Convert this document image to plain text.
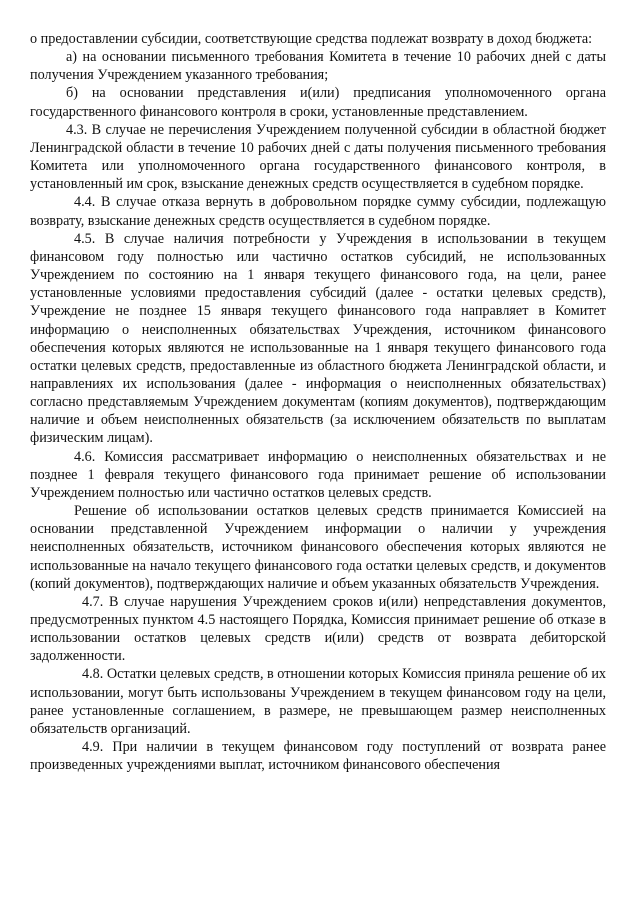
о предоставлении субсидии, соответствующие средства подлежат возврату в доход бюджета:

а) на основании письменного требования Комитета в течение 10 рабочих дней с даты получения Учреждением указанного требования;

б) на основании представления и(или) предписания уполномоченного органа государственного финансового контроля в сроки, установленные представлением.

4.3. В случае не перечисления Учреждением полученной субсидии в областной бюджет Ленинградской области в течение 10 рабочих дней с даты получения письменного требования Комитета или уполномоченного органа государственного финансового контроля, в установленный им срок, взыскание денежных средств осуществляется в судебном порядке.

4.4. В случае отказа вернуть в добровольном порядке сумму субсидии, подлежащую возврату, взыскание денежных средств осуществляется в судебном порядке.

4.5. В случае наличия потребности у Учреждения в использовании в текущем финансовом году полностью или частично остатков субсидий, не использованных Учреждением по состоянию на 1 января текущего финансового года, на цели, ранее установленные условиями предоставления субсидий (далее - остатки целевых средств), Учреждение не позднее 15 января текущего финансового года направляет в Комитет информацию о неисполненных обязательствах Учреждения, источником финансового обеспечения которых являются не использованные на 1 января текущего финансового года остатки целевых средств, предоставленные из областного бюджета Ленинградской области, и направлениях их использования (далее - информация о неисполненных обязательствах) согласно представляемым Учреждением документам (копиям документов), подтверждающим наличие и объем неисполненных обязательств (за исключением обязательств по выплатам физическим лицам).

4.6. Комиссия рассматривает информацию о неисполненных обязательствах и не позднее 1 февраля текущего финансового года принимает решение об использовании Учреждением полностью или частично остатков целевых средств.

Решение об использовании остатков целевых средств принимается Комиссией на основании представленной Учреждением информации о наличии у учреждения неисполненных обязательств, источником финансового обеспечения которых являются не использованные на начало текущего финансового года остатки целевых средств, и документов (копий документов), подтверждающих наличие и объем указанных обязательств Учреждения.

4.7. В случае нарушения Учреждением сроков и(или) непредставления документов, предусмотренных пунктом 4.5 настоящего Порядка, Комиссия принимает решение об отказе в использовании остатков целевых средств и(или) средств от возврата дебиторской задолженности.

4.8. Остатки целевых средств, в отношении которых Комиссия приняла решение об их использовании, могут быть использованы Учреждением в текущем финансовом году на цели, ранее установленные соглашением, в размере, не превышающем размер неисполненных обязательств организаций.

4.9. При наличии в текущем финансовом году поступлений от возврата ранее произведенных учреждениями выплат, источником финансового обеспечения
